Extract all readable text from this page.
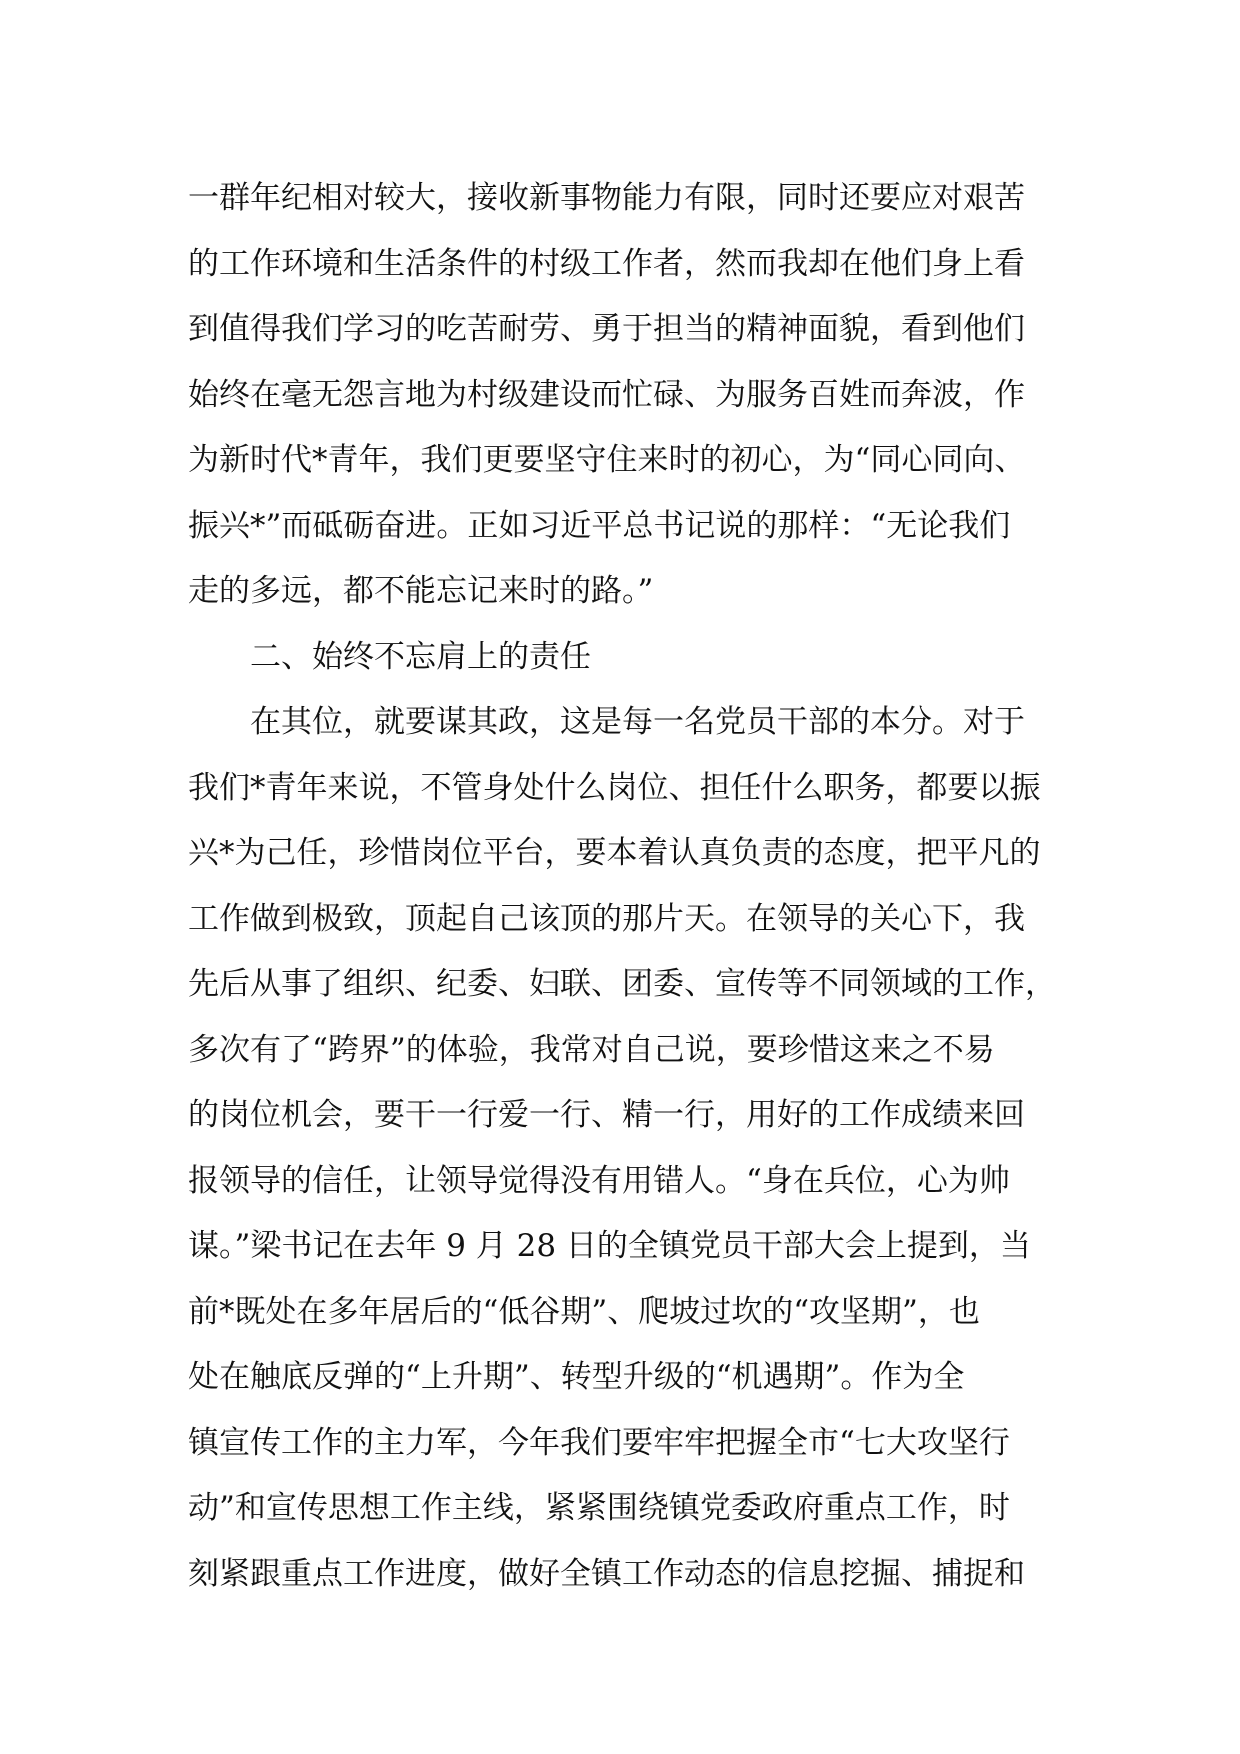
一群年纪相对较大，接收新事物能力有限，同时还要应对艰苦
的工作环境和生活条件的村级工作者，然而我却在他们身上看
到值得我们学习的吃苦耐劳、勇于担当的精神面貌，看到他们
始终在毫无怨言地为村级建设而忙碌、为服务百姓而奔波，作
为新时代*青年，我们更要坚守住来时的初心，为“同心同向、
振兴*”而砥砺奋进。正如习近平总书记说的那样：“无论我们
走的多远，都不能忘记来时的路。”
二、始终不忘肩上的责任
在其位，就要谋其政，这是每一名党员干部的本分。对于
我们*青年来说，不管身处什么岗位、担任什么职务，都要以振
兴*为己任，珍惜岗位平台，要本着认真负责的态度，把平凡的
工作做到极致，顶起自己该顶的那片天。在领导的关心下，我
先后从事了组织、纪委、妇联、团委、宣传等不同领域的工作，
多次有了“跨界”的体验，我常对自己说，要珍惜这来之不易
的岗位机会，要干一行爱一行、精一行，用好的工作成绩来回
报领导的信任，让领导觉得没有用错人。“身在兵位，心为帅
谋。”梁书记在去年 9 月 28 日的全镇党员干部大会上提到，当
前*既处在多年居后的“低谷期”、爬坡过坎的“攻坚期”，也
处在触底反弹的“上升期”、转型升级的“机遇期”。作为全
镇宣传工作的主力军，今年我们要牢牢把握全市“七大攻坚行
动”和宣传思想工作主线，紧紧围绕镇党委政府重点工作，时
刻紧跟重点工作进度，做好全镇工作动态的信息挖掘、捕捉和
